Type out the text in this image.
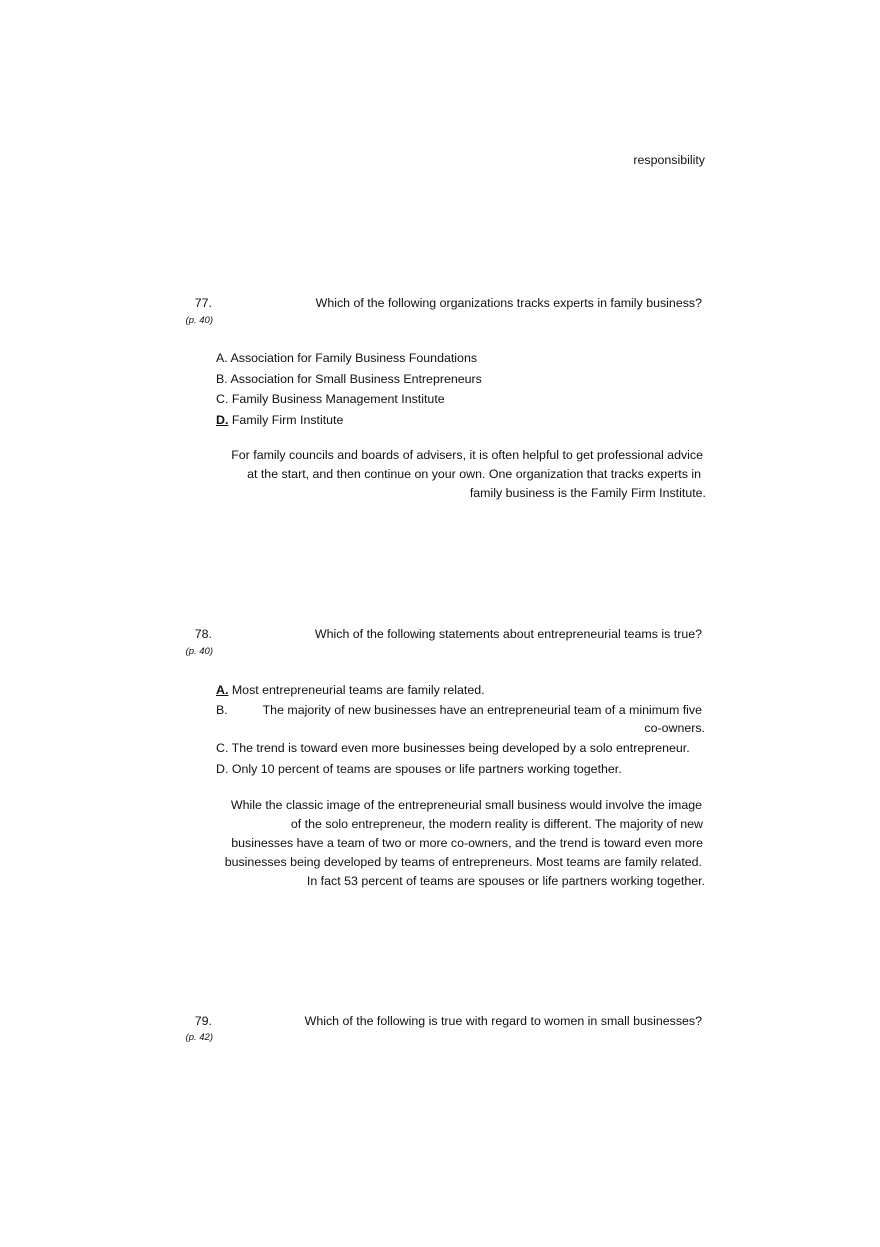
responsibility
77.
(p. 40)
Which of the following organizations tracks experts in family business?
A. Association for Family Business Foundations
B. Association for Small Business Entrepreneurs
C. Family Business Management Institute
D. Family Firm Institute
For family councils and boards of advisers, it is often helpful to get professional advice
at the start, and then continue on your own. One organization that tracks experts in
family business is the Family Firm Institute.
78.
(p. 40)
Which of the following statements about entrepreneurial teams is true?
A. Most entrepreneurial teams are family related.
B.	The majority of new businesses have an entrepreneurial team of a minimum five
co-owners.
C. The trend is toward even more businesses being developed by a solo entrepreneur.
D. Only 10 percent of teams are spouses or life partners working together.
While the classic image of the entrepreneurial small business would involve the image
of the solo entrepreneur, the modern reality is different. The majority of new
businesses have a team of two or more co-owners, and the trend is toward even more
businesses being developed by teams of entrepreneurs. Most teams are family related.
In fact 53 percent of teams are spouses or life partners working together.
79.
(p. 42)
Which of the following is true with regard to women in small businesses?
